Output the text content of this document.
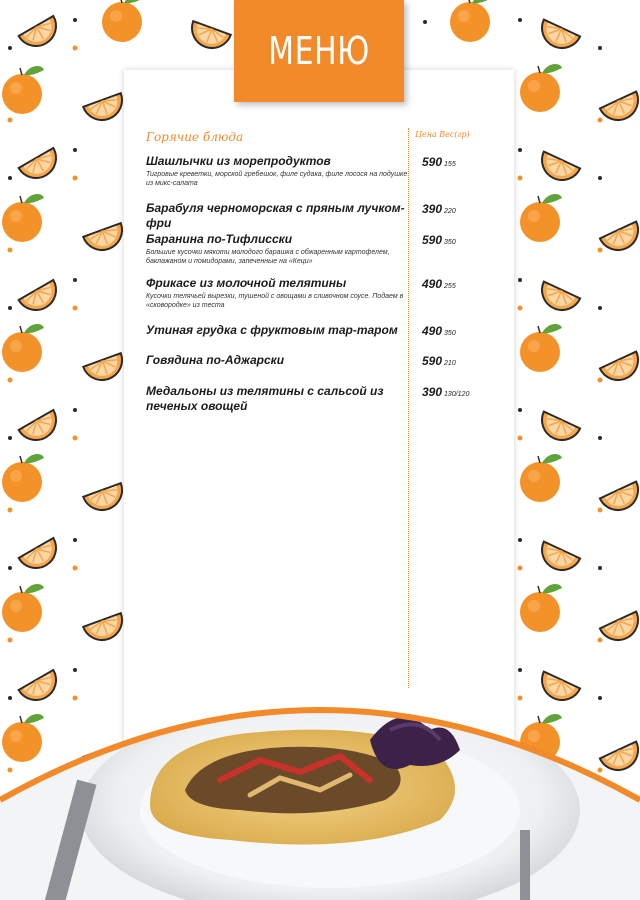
МЕНЮ
Горячие блюда	Цена Вес(гр)
Шашлычки из морепродуктов
Тигровые креветки, морской гребешок, филе судака, филе лосося на подушке из микс-салата
590 155
Барабуля черноморская с пряным лучком-фри
390 220
Баранина по-Тифлисски
Большие кусочки мякоти молодого барашка с обжаренным картофелем, баклажаном и помидорами, запеченные на «Кеци»
590 350
Фрикасе из молочной телятины
Кусочки телячьей вырезки, тушеной с овощами в сливочном соусе. Подаем в «сковородке» из теста
490 255
Утиная грудка с фруктовым тар-таром	490 350
Говядина по-Аджарски	590 210
Медальоны из телятины с сальсой из печеных овощей
390 130/120
